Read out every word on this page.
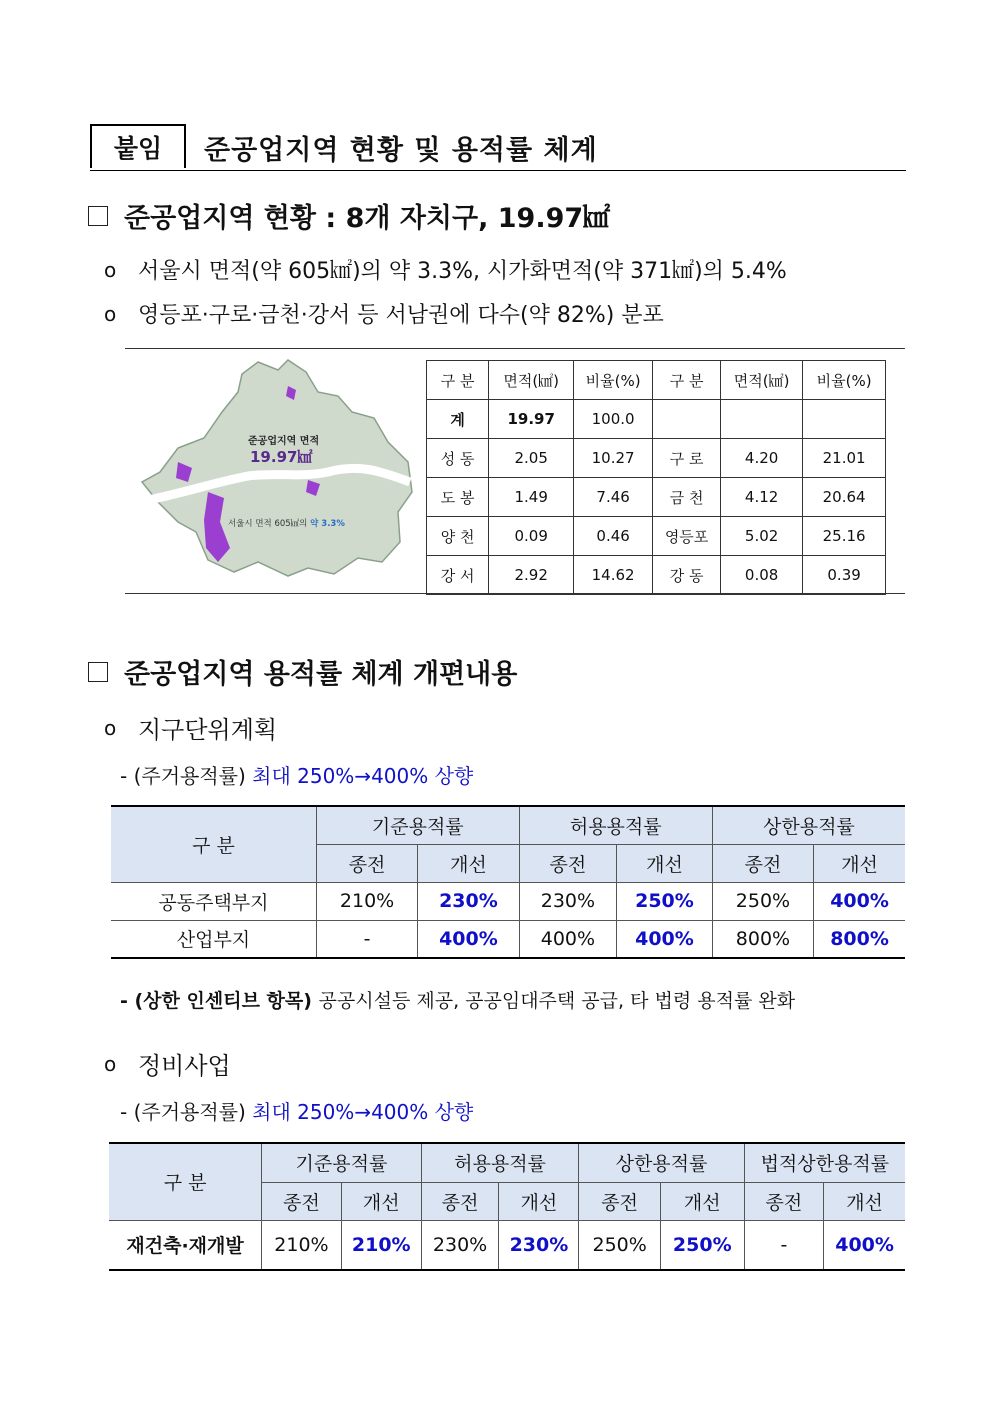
붙임	준공업지역 현황 및 용적률 체계
준공업지역 현황 : 8개 자치구, 19.97㎢
o 서울시 면적(약 605㎢)의 약 3.3%, 시가화면적(약 371㎢)의 5.4%
o 영등포·구로·금천·강서 등 서남권에 다수(약 82%) 분포
준공업지역 면적
19.97㎢
서울시 면적 605㎢의 약 3.3%
구 분	면적(㎢)	비율(%)	구 분	면적(㎢)	비율(%)
계	19.97	100.0			
성 동	2.05	10.27	구 로	4.20	21.01
도 봉	1.49	7.46	금 천	4.12	20.64
양 천	0.09	0.46	영등포	5.02	25.16
강 서	2.92	14.62	강 동	0.08	0.39
준공업지역 용적률 체계 개편내용
o 지구단위계획
- (주거용적률) 최대 250%→400% 상향
구 분	기준용적률		허용용적률		상한용적률	
	종전	개선	종전	개선	종전	개선
공동주택부지	210%	230%	230%	250%	250%	400%
산업부지	-	400%	400%	400%	800%	800%
- (상한 인센티브 항목) 공공시설등 제공, 공공임대주택 공급, 타 법령 용적률 완화
o 정비사업
- (주거용적률) 최대 250%→400% 상향
구 분	기준용적률		허용용적률		상한용적률		법적상한용적률	
	종전	개선	종전	개선	종전	개선	종전	개선
재건축·재개발	210%	210%	230%	230%	250%	250%	-	400%
